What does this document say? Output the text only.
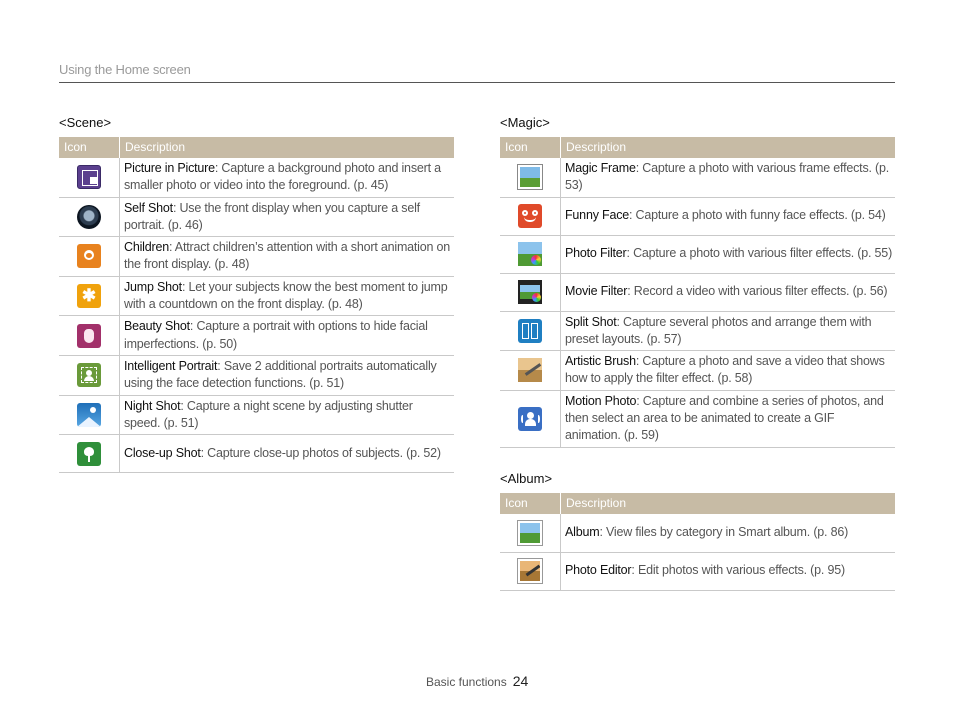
Using the Home screen
<Scene>
Icon	Description

	Picture in Picture: Capture a background photo and insert a smaller photo or video into the foreground. (p. 45)
	Self Shot: Use the front display when you capture a self portrait. (p. 46)

	Children: Attract children’s attention with a short animation on the front display. (p. 48)

✱	Jump Shot: Let your subjects know the best moment to jump with a countdown on the front display. (p. 48)

	Beauty Shot: Capture a portrait with options to hide facial imperfections. (p. 50)

	Intelligent Portrait: Save 2 additional portraits automatically using the face detection functions. (p. 51)

	Night Shot: Capture a night scene by adjusting shutter speed. (p. 51)

	Close-up Shot: Capture close-up photos of subjects. (p. 52)
<Magic>
Icon	Description
	Magic Frame: Capture a photo with various frame effects. (p. 53)

	Funny Face: Capture a photo with funny face effects. (p. 54)

	Photo Filter: Capture a photo with various filter effects. (p. 55)

	Movie Filter: Record a video with various filter effects. (p. 56)

	Split Shot: Capture several photos and arrange them with preset layouts. (p. 57)

	Artistic Brush: Capture a photo and save a video that shows how to apply the filter effect. (p. 58)

	Motion Photo: Capture and combine a series of photos, and then select an area to be animated to create a GIF animation. (p. 59)
<Album>
Icon	Description
	Album: View files by category in Smart album. (p. 86)

	Photo Editor: Edit photos with various effects. (p. 95)
Basic functions 24
